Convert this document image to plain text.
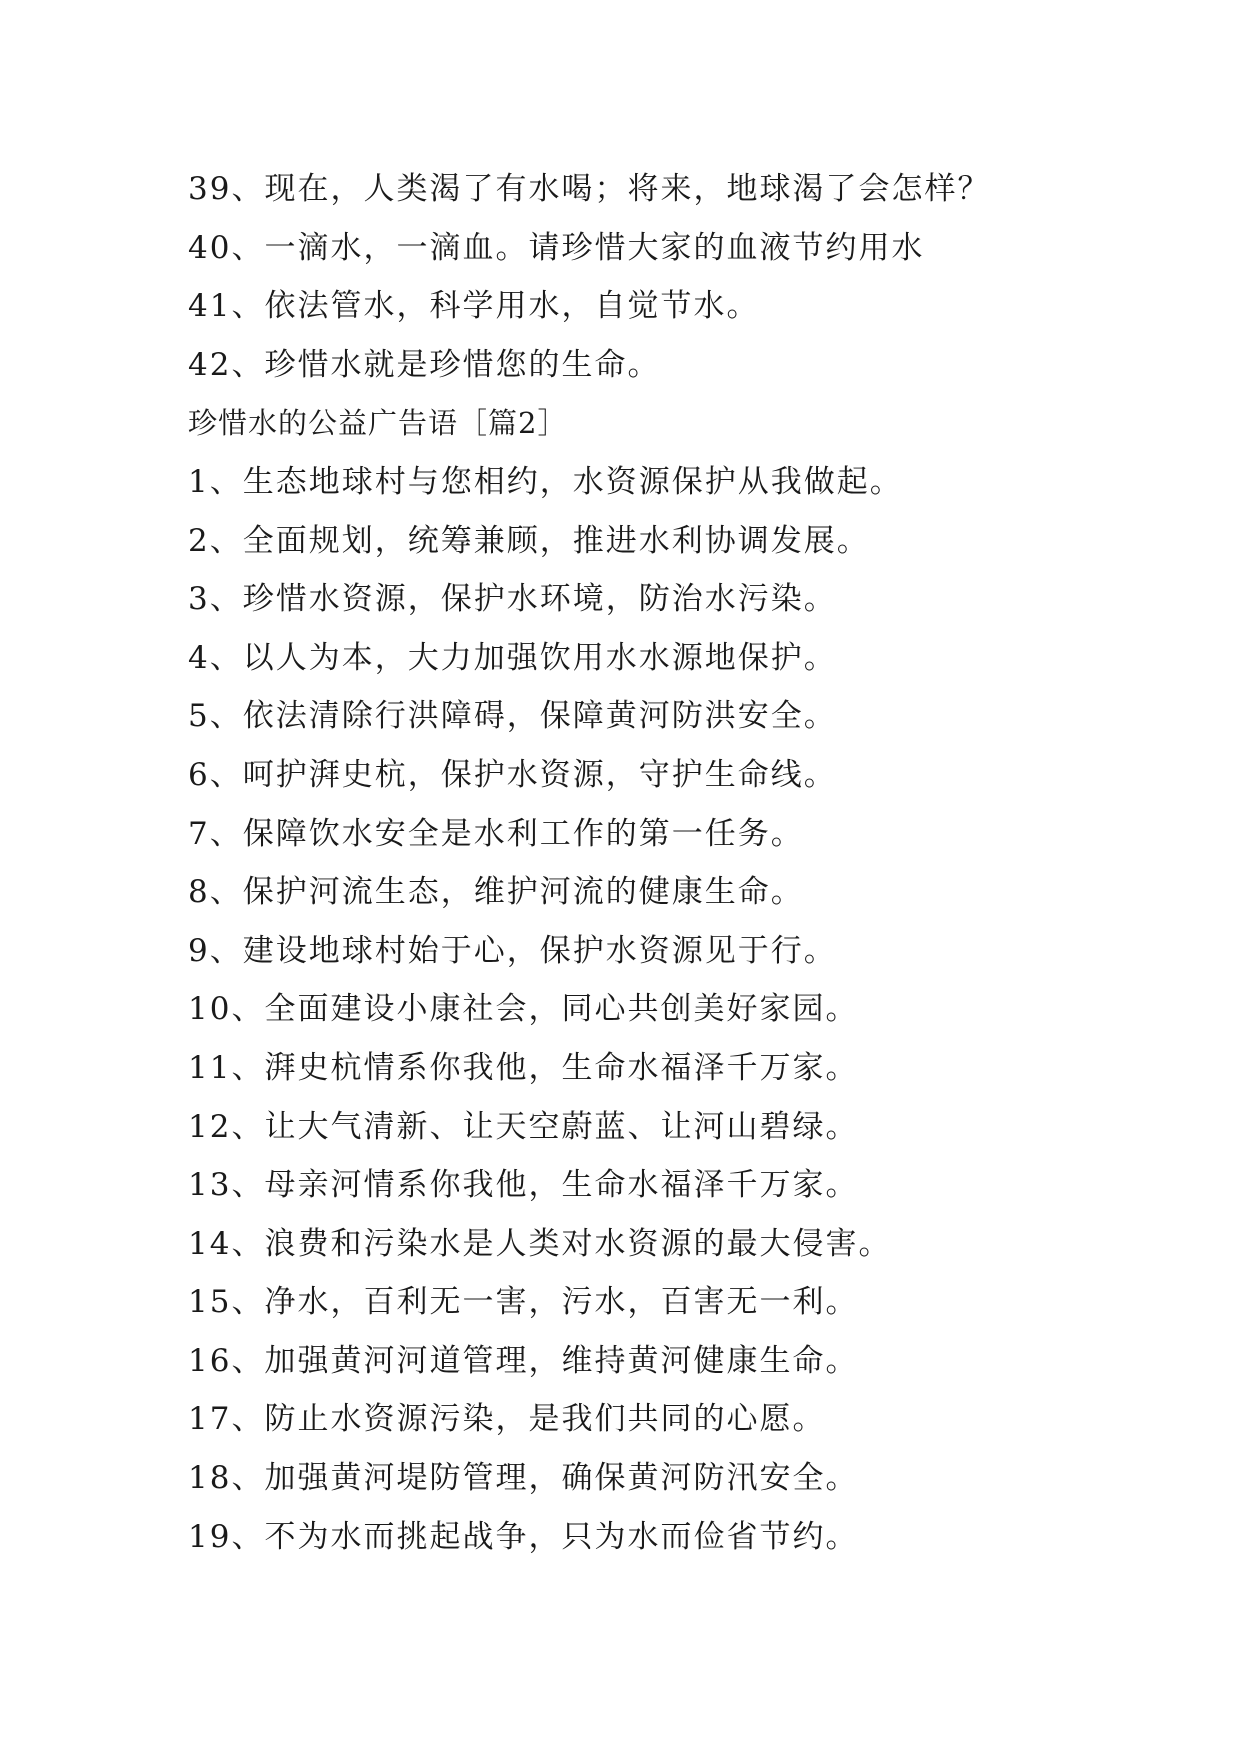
39、现在，人类渴了有水喝；将来，地球渴了会怎样？
40、一滴水，一滴血。请珍惜大家的血液节约用水
41、依法管水，科学用水，自觉节水。
42、珍惜水就是珍惜您的生命。
珍惜水的公益广告语［篇2］
1、生态地球村与您相约，水资源保护从我做起。
2、全面规划，统筹兼顾，推进水利协调发展。
3、珍惜水资源，保护水环境，防治水污染。
4、以人为本，大力加强饮用水水源地保护。
5、依法清除行洪障碍，保障黄河防洪安全。
6、呵护湃史杭，保护水资源，守护生命线。
7、保障饮水安全是水利工作的第一任务。
8、保护河流生态，维护河流的健康生命。
9、建设地球村始于心，保护水资源见于行。
10、全面建设小康社会，同心共创美好家园。
11、湃史杭情系你我他，生命水福泽千万家。
12、让大气清新、让天空蔚蓝、让河山碧绿。
13、母亲河情系你我他，生命水福泽千万家。
14、浪费和污染水是人类对水资源的最大侵害。
15、净水，百利无一害，污水，百害无一利。
16、加强黄河河道管理，维持黄河健康生命。
17、防止水资源污染，是我们共同的心愿。
18、加强黄河堤防管理，确保黄河防汛安全。
19、不为水而挑起战争，只为水而俭省节约。
